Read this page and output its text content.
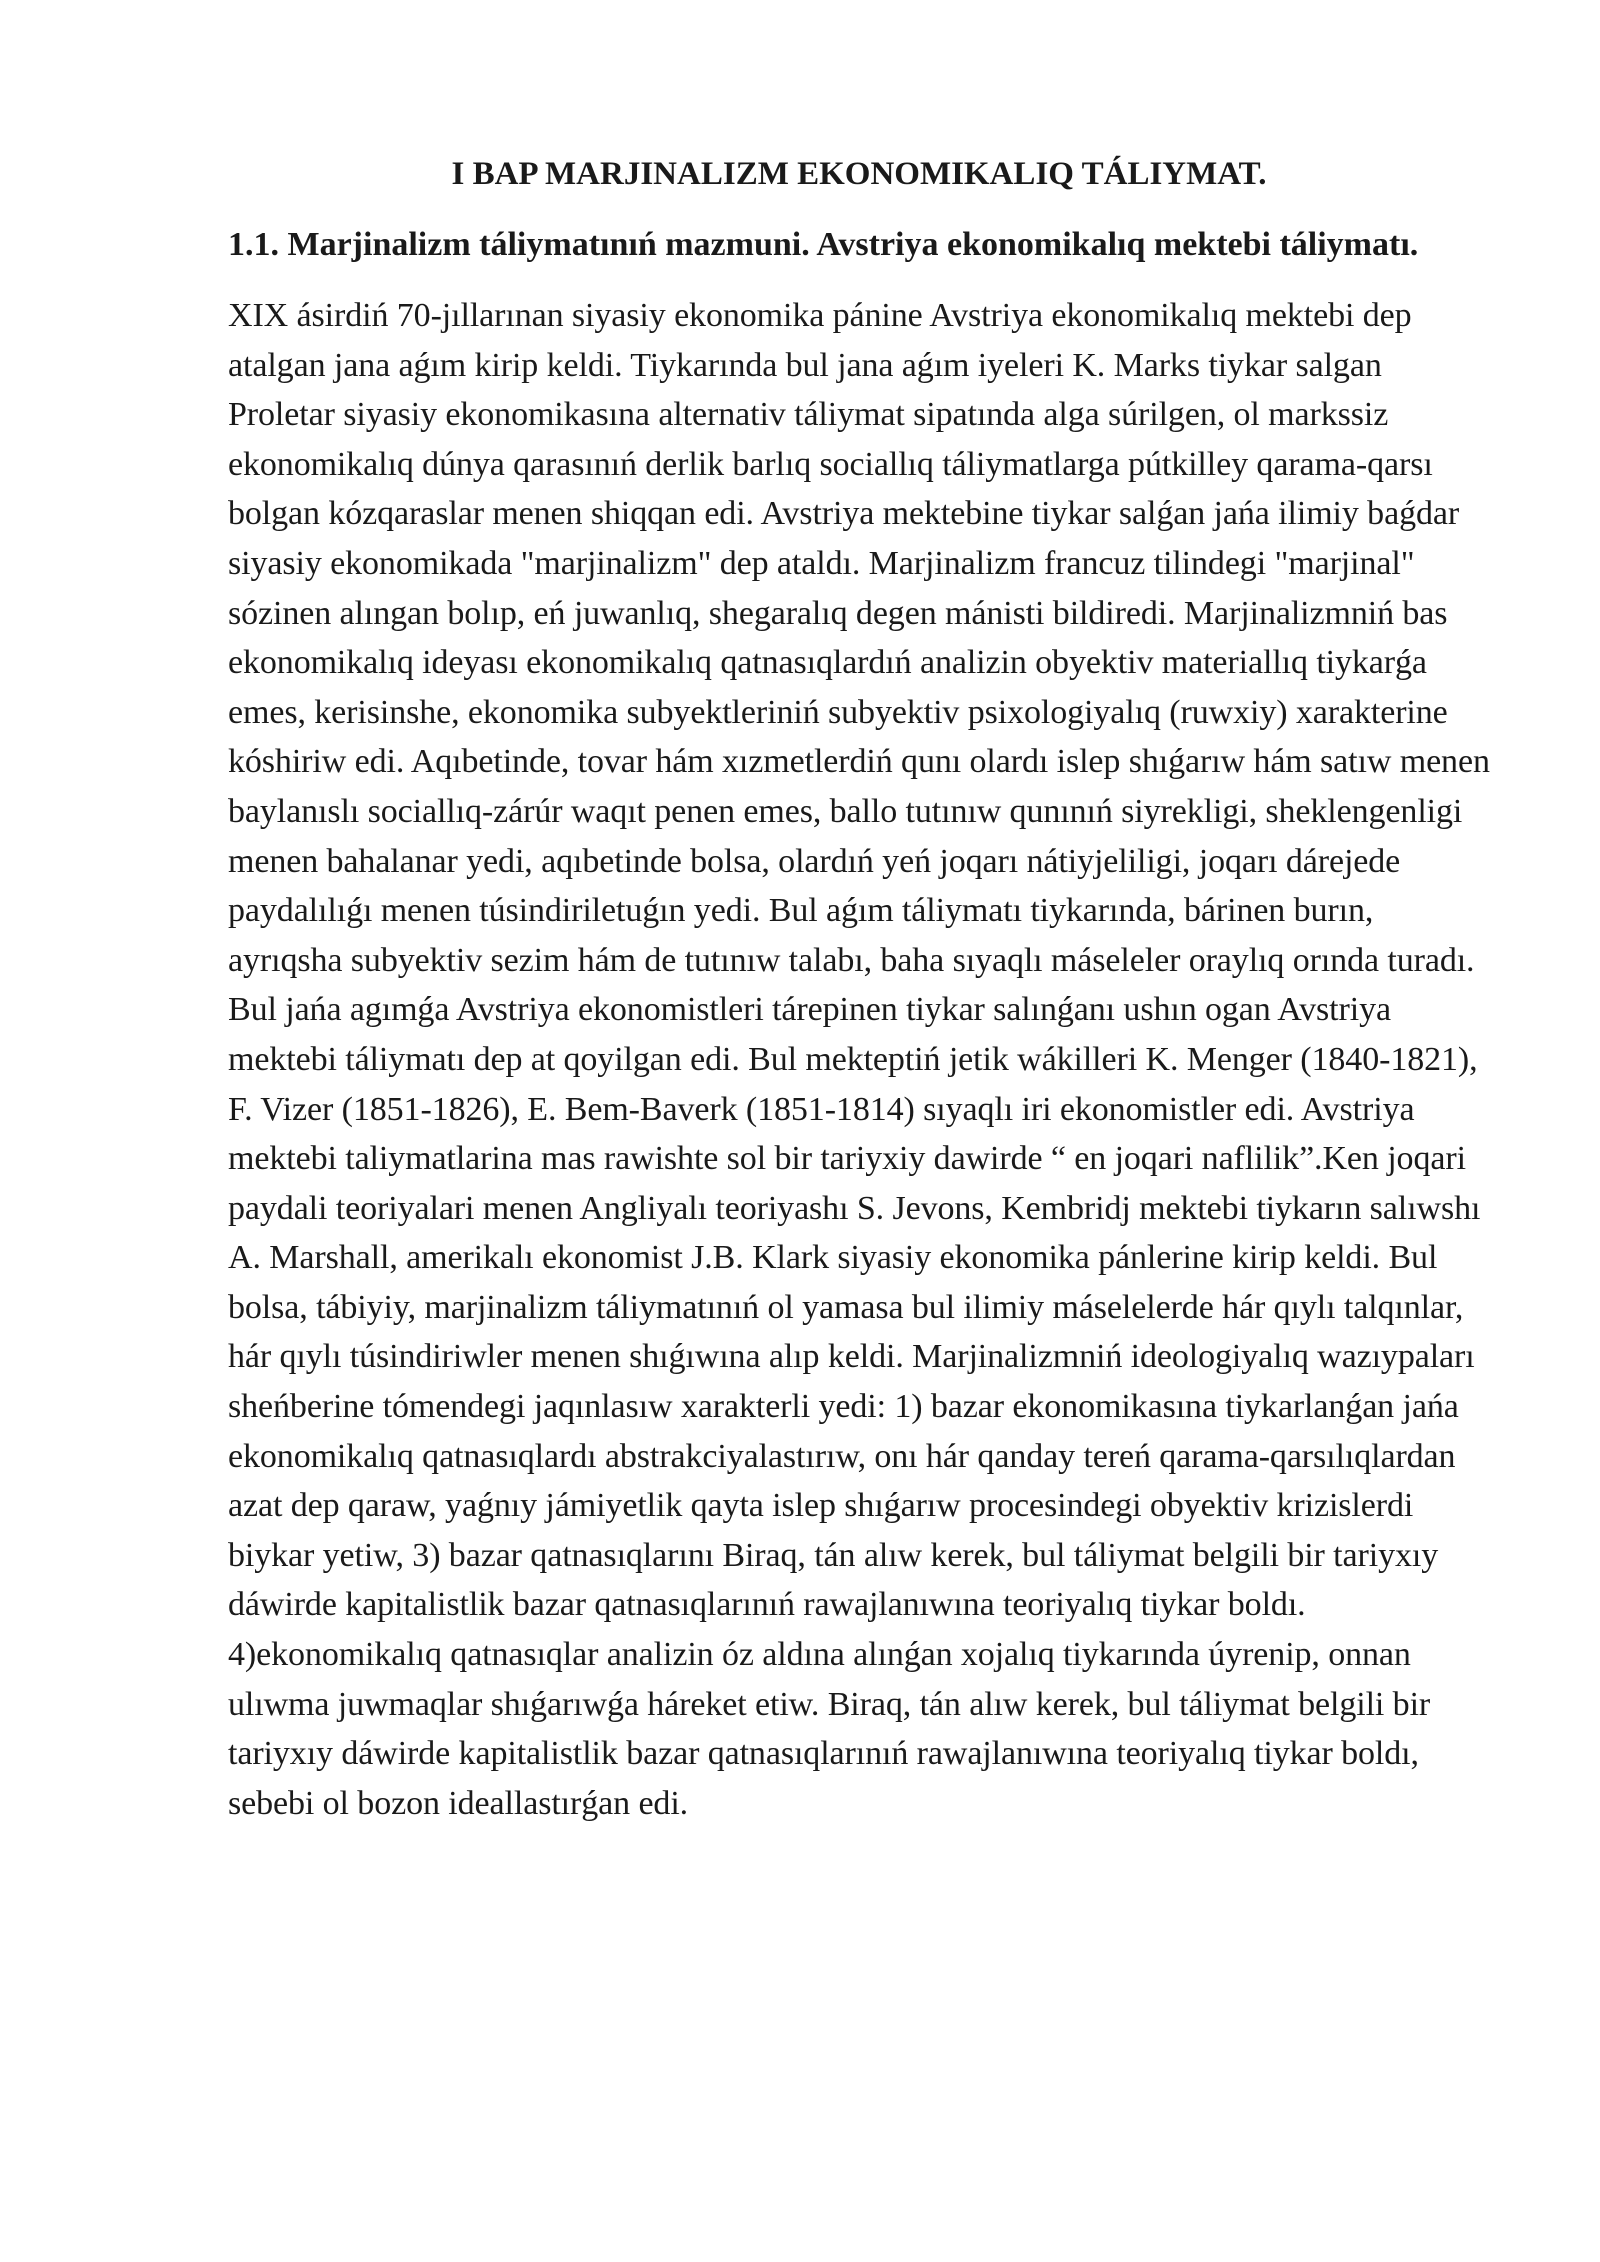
I BAP MARJINALIZM EKONOMIKALIQ TÁLIYMAT.
1.1. Marjinalizm táliymatınıń mazmuni. Avstriya ekonomikalıq mektebi táliymatı.

XIX ásirdiń 70-jıllarınan siyasiy ekonomika pánine Avstriya ekonomikalıq mektebi dep atalgan jana aǵım kirip keldi. Tiykarında bul jana aǵım iyeleri K. Marks tiykar salgan Proletar siyasiy ekonomikasına alternativ táliymat sipatında alga súrilgen, ol markssiz ekonomikalıq dúnya qarasınıń derlik barlıq sociallıq táliymatlarga pútkilley qarama-qarsı bolgan kózqaraslar menen shiqqan edi. Avstriya mektebine tiykar salǵan jańa ilimiy baǵdar siyasiy ekonomikada "marjinalizm" dep ataldı. Marjinalizm francuz tilindegi "marjinal" sózinen alıngan bolıp, eń juwanlıq, shegaralıq degen mánisti bildiredi. Marjinalizmniń bas ekonomikalıq ideyası ekonomikalıq qatnasıqlardıń analizin obyektiv materiallıq tiykarǵa emes, kerisinshe, ekonomika subyektleriniń subyektiv psixologiyalıq (ruwxiy) xarakterine kóshiriw edi. Aqıbetinde, tovar hám xızmetlerdiń qunı olardı islep shıǵarıw hám satıw menen baylanıslı sociallıq-zárúr waqıt penen emes, ballo tutınıw qunınıń siyrekligi, sheklengenligi menen bahalanar yedi, aqıbetinde bolsa, olardıń yeń joqarı nátiyjeliligi, joqarı dárejede paydalılıǵı menen túsindiriletuǵın yedi. Bul aǵım táliymatı tiykarında, bárinen burın, ayrıqsha subyektiv sezim hám de tutınıw talabı, baha sıyaqlı máseleler oraylıq orında turadı. Bul jańa agımǵa Avstriya ekonomistleri tárepinen tiykar salınǵanı ushın ogan Avstriya mektebi táliymatı dep at qoyilgan edi. Bul mekteptiń jetik wákilleri K. Menger (1840-1821), F. Vizer (1851-1826), E. Bem-Baverk (1851-1814) sıyaqlı iri ekonomistler edi. Avstriya mektebi taliymatlarina mas rawishte sol bir tariyxiy dawirde “ en joqari naflilik”.Ken joqari paydali teoriyalari menen Angliyalı teoriyashı S. Jevons, Kembridj mektebi tiykarın salıwshı A. Marshall, amerikalı ekonomist J.B. Klark siyasiy ekonomika pánlerine kirip keldi. Bul bolsa, tábiyiy, marjinalizm táliymatınıń ol yamasa bul ilimiy máselelerde hár qıylı talqınlar, hár qıylı túsindiriwler menen shıǵıwına alıp keldi. Marjinalizmniń ideologiyalıq wazıypaları sheńberine tómendegi jaqınlasıw xarakterli yedi: 1) bazar ekonomikasına tiykarlanǵan jańa ekonomikalıq qatnasıqlardı abstrakciyalastırıw, onı hár qanday tereń qarama-qarsılıqlardan azat dep qaraw, yaǵnıy jámiyetlik qayta islep shıǵarıw procesindegi obyektiv krizislerdi biykar yetiw, 3) bazar qatnasıqlarını Biraq, tán alıw kerek, bul táliymat belgili bir tariyxıy dáwirde kapitalistlik bazar qatnasıqlarınıń rawajlanıwına teoriyalıq tiykar boldı. 4)ekonomikalıq qatnasıqlar analizin óz aldına alınǵan xojalıq tiykarında úyrenip, onnan ulıwma juwmaqlar shıǵarıwǵa háreket etiw. Biraq, tán alıw kerek, bul táliymat belgili bir tariyxıy dáwirde kapitalistlik bazar qatnasıqlarınıń rawajlanıwına teoriyalıq tiykar boldı, sebebi ol bozon ideallastırǵan edi.
